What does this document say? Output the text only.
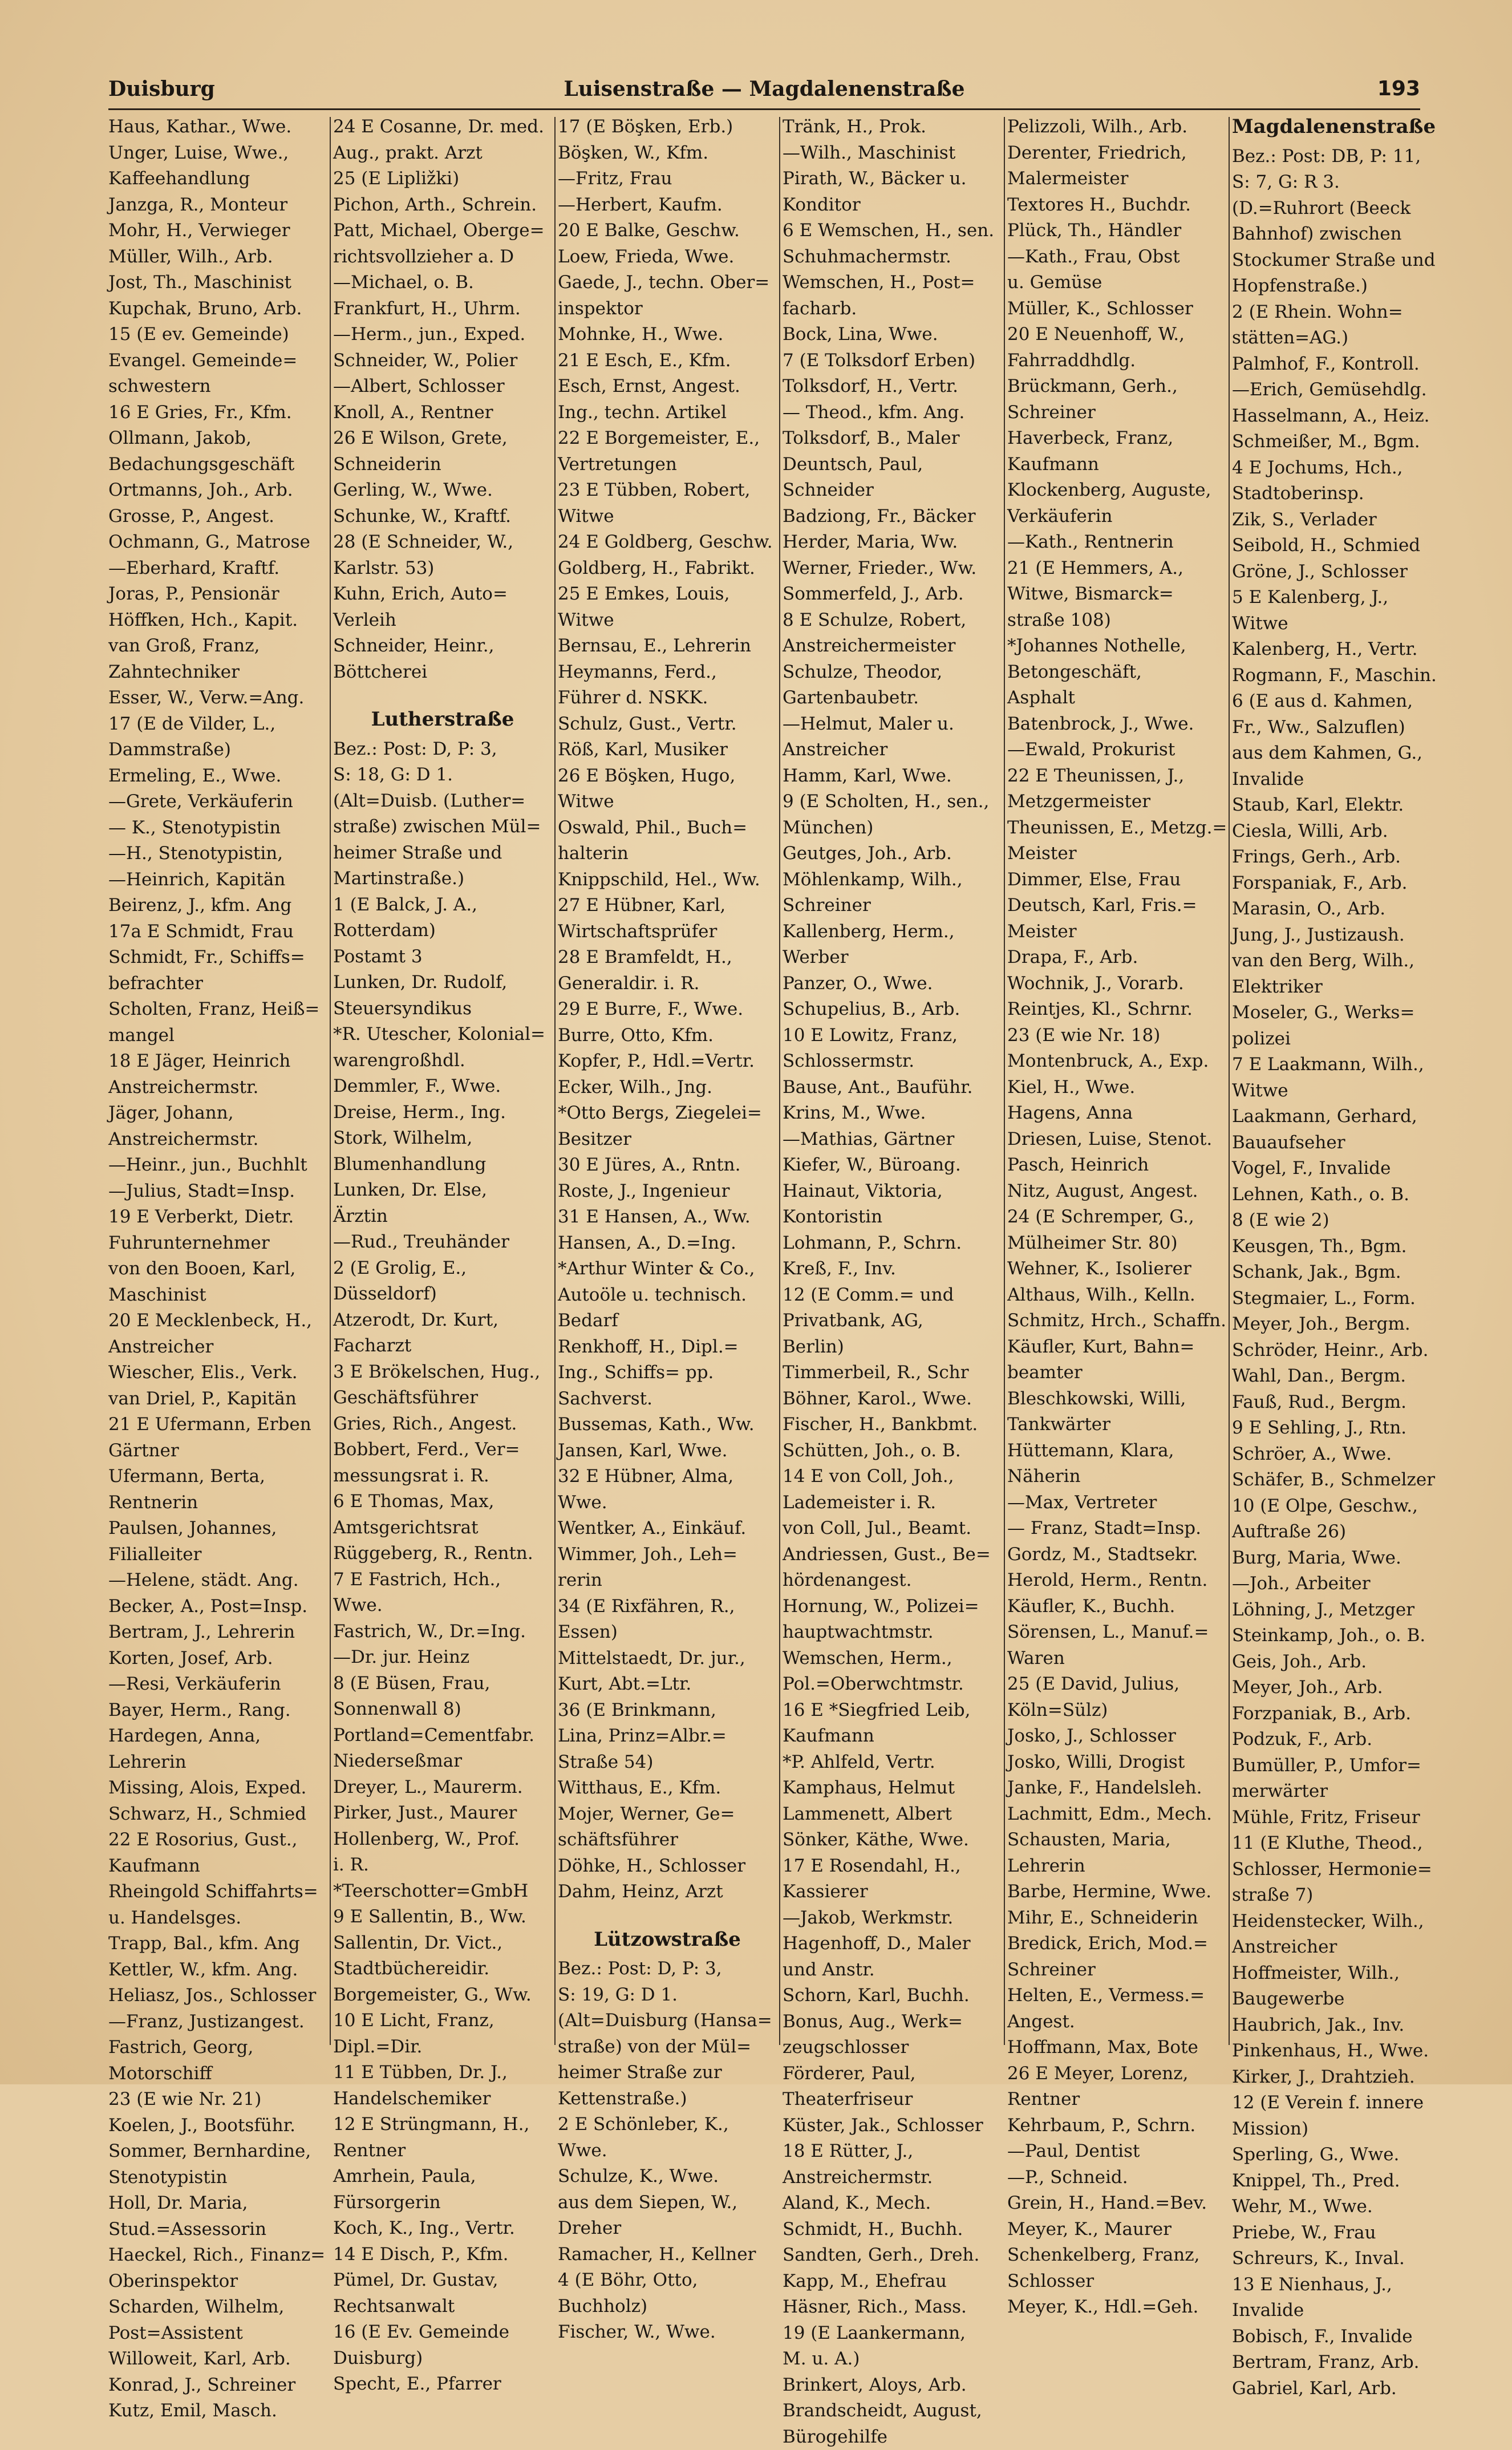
Duisburg	Luisenstraße — Magdalenenstraße	193
Haus, Kathar., Wwe.
Unger, Luise, Wwe.,
Kaffeehandlung
Janzga, R., Monteur
Mohr, H., Verwieger
Müller, Wilh., Arb.
Jost, Th., Maschinist
Kupchak, Bruno, Arb.
15 (E ev. Gemeinde)
Evangel. Gemeinde=
schwestern
16 E Gries, Fr., Kfm.
Ollmann, Jakob,
Bedachungsgeschäft
Ortmanns, Joh., Arb.
Grosse, P., Angest.
Ochmann, G., Matrose
—Eberhard, Kraftf.
Joras, P., Pensionär
Höffken, Hch., Kapit.
van Groß, Franz,
Zahntechniker
Esser, W., Verw.=Ang.
17 (E de Vilder, L.,
Dammstraße)
Ermeling, E., Wwe.
—Grete, Verkäuferin
— K., Stenotypistin
—H., Stenotypistin,
—Heinrich, Kapitän
Beirenz, J., kfm. Ang
17a E Schmidt, Frau
Schmidt, Fr., Schiffs=
befrachter
Scholten, Franz, Heiß=
mangel
18 E Jäger, Heinrich
Anstreichermstr.
Jäger, Johann,
Anstreichermstr.
—Heinr., jun., Buchhlt
—Julius, Stadt=Insp.
19 E Verberkt, Dietr.
Fuhrunternehmer
von den Booen, Karl,
Maschinist
20 E Mecklenbeck, H.,
Anstreicher
Wiescher, Elis., Verk.
van Driel, P., Kapitän
21 E Ufermann, Erben
Gärtner
Ufermann, Berta,
Rentnerin
Paulsen, Johannes,
Filialleiter
—Helene, städt. Ang.
Becker, A., Post=Insp.
Bertram, J., Lehrerin
Korten, Josef, Arb.
—Resi, Verkäuferin
Bayer, Herm., Rang.
Hardegen, Anna,
Lehrerin
Missing, Alois, Exped.
Schwarz, H., Schmied
22 E Rosorius, Gust.,
Kaufmann
Rheingold Schiffahrts=
u. Handelsges.
Trapp, Bal., kfm. Ang
Kettler, W., kfm. Ang.
Heliasz, Jos., Schlosser
—Franz, Justizangest.
Fastrich, Georg,
Motorschiff
23 (E wie Nr. 21)
Koelen, J., Bootsführ.
Sommer, Bernhardine,
Stenotypistin
Holl, Dr. Maria,
Stud.=Assessorin
Haeckel, Rich., Finanz=
Oberinspektor
Scharden, Wilhelm,
Post=Assistent
Willoweit, Karl, Arb.
Konrad, J., Schreiner
Kutz, Emil, Masch.
24 E Cosanne, Dr. med.
Aug., prakt. Arzt
25 (E Lipližki)
Pichon, Arth., Schrein.
Patt, Michael, Oberge=
richtsvollzieher a. D
—Michael, o. B.
Frankfurt, H., Uhrm.
—Herm., jun., Exped.
Schneider, W., Polier
—Albert, Schlosser
Knoll, A., Rentner
26 E Wilson, Grete,
Schneiderin
Gerling, W., Wwe.
Schunke, W., Kraftf.
28 (E Schneider, W.,
Karlstr. 53)
Kuhn, Erich, Auto=
Verleih
Schneider, Heinr.,
Böttcherei
Lutherstraße
Bez.: Post: D, P: 3,
S: 18, G: D 1.
(Alt=Duisb. (Luther=
straße) zwischen Mül=
heimer Straße und
Martinstraße.)
1 (E Balck, J. A.,
Rotterdam)
Postamt 3
Lunken, Dr. Rudolf,
Steuersyndikus
*R. Utescher, Kolonial=
warengroßhdl.
Demmler, F., Wwe.
Dreise, Herm., Ing.
Stork, Wilhelm,
Blumenhandlung
Lunken, Dr. Else,
Ärztin
—Rud., Treuhänder
2 (E Grolig, E.,
Düsseldorf)
Atzerodt, Dr. Kurt,
Facharzt
3 E Brökelschen, Hug.,
Geschäftsführer
Gries, Rich., Angest.
Bobbert, Ferd., Ver=
messungsrat i. R.
6 E Thomas, Max,
Amtsgerichtsrat
Rüggeberg, R., Rentn.
7 E Fastrich, Hch.,
Wwe.
Fastrich, W., Dr.=Ing.
—Dr. jur. Heinz
8 (E Büsen, Frau,
Sonnenwall 8)
Portland=Cementfabr.
Niederseßmar
Dreyer, L., Maurerm.
Pirker, Just., Maurer
Hollenberg, W., Prof.
i. R.
*Teerschotter=GmbH
9 E Sallentin, B., Ww.
Sallentin, Dr. Vict.,
Stadtbüchereidir.
Borgemeister, G., Ww.
10 E Licht, Franz,
Dipl.=Dir.
11 E Tübben, Dr. J.,
Handelschemiker
12 E Strüngmann, H.,
Rentner
Amrhein, Paula,
Fürsorgerin
Koch, K., Ing., Vertr.
14 E Disch, P., Kfm.
Pümel, Dr. Gustav,
Rechtsanwalt
16 (E Ev. Gemeinde
Duisburg)
Specht, E., Pfarrer
17 (E Böşken, Erb.)
Böşken, W., Kfm.
—Fritz, Frau
—Herbert, Kaufm.
20 E Balke, Geschw.
Loew, Frieda, Wwe.
Gaede, J., techn. Ober=
inspektor
Mohnke, H., Wwe.
21 E Esch, E., Kfm.
Esch, Ernst, Angest.
Ing., techn. Artikel
22 E Borgemeister, E.,
Vertretungen
23 E Tübben, Robert,
Witwe
24 E Goldberg, Geschw.
Goldberg, H., Fabrikt.
25 E Emkes, Louis,
Witwe
Bernsau, E., Lehrerin
Heymanns, Ferd.,
Führer d. NSKK.
Schulz, Gust., Vertr.
Röß, Karl, Musiker
26 E Böşken, Hugo,
Witwe
Oswald, Phil., Buch=
halterin
Knippschild, Hel., Ww.
27 E Hübner, Karl,
Wirtschaftsprüfer
28 E Bramfeldt, H.,
Generaldir. i. R.
29 E Burre, F., Wwe.
Burre, Otto, Kfm.
Kopfer, P., Hdl.=Vertr.
Ecker, Wilh., Jng.
*Otto Bergs, Ziegelei=
Besitzer
30 E Jüres, A., Rntn.
Roste, J., Ingenieur
31 E Hansen, A., Ww.
Hansen, A., D.=Ing.
*Arthur Winter & Co.,
Autoöle u. technisch.
Bedarf
Renkhoff, H., Dipl.=
Ing., Schiffs= pp.
Sachverst.
Bussemas, Kath., Ww.
Jansen, Karl, Wwe.
32 E Hübner, Alma,
Wwe.
Wentker, A., Einkäuf.
Wimmer, Joh., Leh=
rerin
34 (E Rixfähren, R.,
Essen)
Mittelstaedt, Dr. jur.,
Kurt, Abt.=Ltr.
36 (E Brinkmann,
Lina, Prinz=Albr.=
Straße 54)
Witthaus, E., Kfm.
Mojer, Werner, Ge=
schäftsführer
Döhke, H., Schlosser
Dahm, Heinz, Arzt
Lützowstraße
Bez.: Post: D, P: 3,
S: 19, G: D 1.
(Alt=Duisburg (Hansa=
straße) von der Mül=
heimer Straße zur
Kettenstraße.)
2 E Schönleber, K.,
Wwe.
Schulze, K., Wwe.
aus dem Siepen, W.,
Dreher
Ramacher, H., Kellner
4 (E Böhr, Otto,
Buchholz)
Fischer, W., Wwe.
Tränk, H., Prok.
—Wilh., Maschinist
Pirath, W., Bäcker u.
Konditor
6 E Wemschen, H., sen.
Schuhmachermstr.
Wemschen, H., Post=
facharb.
Bock, Lina, Wwe.
7 (E Tolksdorf Erben)
Tolksdorf, H., Vertr.
— Theod., kfm. Ang.
Tolksdorf, B., Maler
Deuntsch, Paul,
Schneider
Badziong, Fr., Bäcker
Herder, Maria, Ww.
Werner, Frieder., Ww.
Sommerfeld, J., Arb.
8 E Schulze, Robert,
Anstreichermeister
Schulze, Theodor,
Gartenbaubetr.
—Helmut, Maler u.
Anstreicher
Hamm, Karl, Wwe.
9 (E Scholten, H., sen.,
München)
Geutges, Joh., Arb.
Möhlenkamp, Wilh.,
Schreiner
Kallenberg, Herm.,
Werber
Panzer, O., Wwe.
Schupelius, B., Arb.
10 E Lowitz, Franz,
Schlossermstr.
Bause, Ant., Bauführ.
Krins, M., Wwe.
—Mathias, Gärtner
Kiefer, W., Büroang.
Hainaut, Viktoria,
Kontoristin
Lohmann, P., Schrn.
Kreß, F., Inv.
12 (E Comm.= und
Privatbank, AG,
Berlin)
Timmerbeil, R., Schr
Böhner, Karol., Wwe.
Fischer, H., Bankbmt.
Schütten, Joh., o. B.
14 E von Coll, Joh.,
Lademeister i. R.
von Coll, Jul., Beamt.
Andriessen, Gust., Be=
hördenangest.
Hornung, W., Polizei=
hauptwachtmstr.
Wemschen, Herm.,
Pol.=Oberwchtmstr.
16 E *Siegfried Leib,
Kaufmann
*P. Ahlfeld, Vertr.
Kamphaus, Helmut
Lammenett, Albert
Sönker, Käthe, Wwe.
17 E Rosendahl, H.,
Kassierer
—Jakob, Werkmstr.
Hagenhoff, D., Maler
und Anstr.
Schorn, Karl, Buchh.
Bonus, Aug., Werk=
zeugschlosser
Förderer, Paul,
Theaterfriseur
Küster, Jak., Schlosser
18 E Rütter, J.,
Anstreichermstr.
Aland, K., Mech.
Schmidt, H., Buchh.
Sandten, Gerh., Dreh.
Kapp, M., Ehefrau
Häsner, Rich., Mass.
19 (E Laankermann,
M. u. A.)
Brinkert, Aloys, Arb.
Brandscheidt, August,
Bürogehilfe
Pelizzoli, Wilh., Arb.
Derenter, Friedrich,
Malermeister
Textores H., Buchdr.
Plück, Th., Händler
—Kath., Frau, Obst
u. Gemüse
Müller, K., Schlosser
20 E Neuenhoff, W.,
Fahrraddhdlg.
Brückmann, Gerh.,
Schreiner
Haverbeck, Franz,
Kaufmann
Klockenberg, Auguste,
Verkäuferin
—Kath., Rentnerin
21 (E Hemmers, A.,
Witwe, Bismarck=
straße 108)
*Johannes Nothelle,
Betongeschäft,
Asphalt
Batenbrock, J., Wwe.
—Ewald, Prokurist
22 E Theunissen, J.,
Metzgermeister
Theunissen, E., Metzg.=
Meister
Dimmer, Else, Frau
Deutsch, Karl, Fris.=
Meister
Drapa, F., Arb.
Wochnik, J., Vorarb.
Reintjes, Kl., Schrnr.
23 (E wie Nr. 18)
Montenbruck, A., Exp.
Kiel, H., Wwe.
Hagens, Anna
Driesen, Luise, Stenot.
Pasch, Heinrich
Nitz, August, Angest.
24 (E Schremper, G.,
Mülheimer Str. 80)
Wehner, K., Isolierer
Althaus, Wilh., Kelln.
Schmitz, Hrch., Schaffn.
Käufler, Kurt, Bahn=
beamter
Bleschkowski, Willi,
Tankwärter
Hüttemann, Klara,
Näherin
—Max, Vertreter
— Franz, Stadt=Insp.
Gordz, M., Stadtsekr.
Herold, Herm., Rentn.
Käufler, K., Buchh.
Sörensen, L., Manuf.=
Waren
25 (E David, Julius,
Köln=Sülz)
Josko, J., Schlosser
Josko, Willi, Drogist
Janke, F., Handelsleh.
Lachmitt, Edm., Mech.
Schausten, Maria,
Lehrerin
Barbe, Hermine, Wwe.
Mihr, E., Schneiderin
Bredick, Erich, Mod.=
Schreiner
Helten, E., Vermess.=
Angest.
Hoffmann, Max, Bote
26 E Meyer, Lorenz,
Rentner
Kehrbaum, P., Schrn.
—Paul, Dentist
—P., Schneid.
Grein, H., Hand.=Bev.
Meyer, K., Maurer
Schenkelberg, Franz,
Schlosser
Meyer, K., Hdl.=Geh.
Magdalenenstraße
Bez.: Post: DB, P: 11,
S: 7, G: R 3.
(D.=Ruhrort (Beeck
Bahnhof) zwischen
Stockumer Straße und
Hopfenstraße.)
2 (E Rhein. Wohn=
stätten=AG.)
Palmhof, F., Kontroll.
—Erich, Gemüsehdlg.
Hasselmann, A., Heiz.
Schmeißer, M., Bgm.
4 E Jochums, Hch.,
Stadtoberinsp.
Zik, S., Verlader
Seibold, H., Schmied
Gröne, J., Schlosser
5 E Kalenberg, J.,
Witwe
Kalenberg, H., Vertr.
Rogmann, F., Maschin.
6 (E aus d. Kahmen,
Fr., Ww., Salzuflen)
aus dem Kahmen, G.,
Invalide
Staub, Karl, Elektr.
Ciesla, Willi, Arb.
Frings, Gerh., Arb.
Forspaniak, F., Arb.
Marasin, O., Arb.
Jung, J., Justizaush.
van den Berg, Wilh.,
Elektriker
Moseler, G., Werks=
polizei
7 E Laakmann, Wilh.,
Witwe
Laakmann, Gerhard,
Bauaufseher
Vogel, F., Invalide
Lehnen, Kath., o. B.
8 (E wie 2)
Keusgen, Th., Bgm.
Schank, Jak., Bgm.
Stegmaier, L., Form.
Meyer, Joh., Bergm.
Schröder, Heinr., Arb.
Wahl, Dan., Bergm.
Fauß, Rud., Bergm.
9 E Sehling, J., Rtn.
Schröer, A., Wwe.
Schäfer, B., Schmelzer
10 (E Olpe, Geschw.,
Auftraße 26)
Burg, Maria, Wwe.
—Joh., Arbeiter
Löhning, J., Metzger
Steinkamp, Joh., o. B.
Geis, Joh., Arb.
Meyer, Joh., Arb.
Forzpaniak, B., Arb.
Podzuk, F., Arb.
Bumüller, P., Umfor=
merwärter
Mühle, Fritz, Friseur
11 (E Kluthe, Theod.,
Schlosser, Hermonie=
straße 7)
Heidenstecker, Wilh.,
Anstreicher
Hoffmeister, Wilh.,
Baugewerbe
Haubrich, Jak., Inv.
Pinkenhaus, H., Wwe.
Kirker, J., Drahtzieh.
12 (E Verein f. innere
Mission)
Sperling, G., Wwe.
Knippel, Th., Pred.
Wehr, M., Wwe.
Priebe, W., Frau
Schreurs, K., Inval.
13 E Nienhaus, J.,
Invalide
Bobisch, F., Invalide
Bertram, Franz, Arb.
Gabriel, Karl, Arb.
